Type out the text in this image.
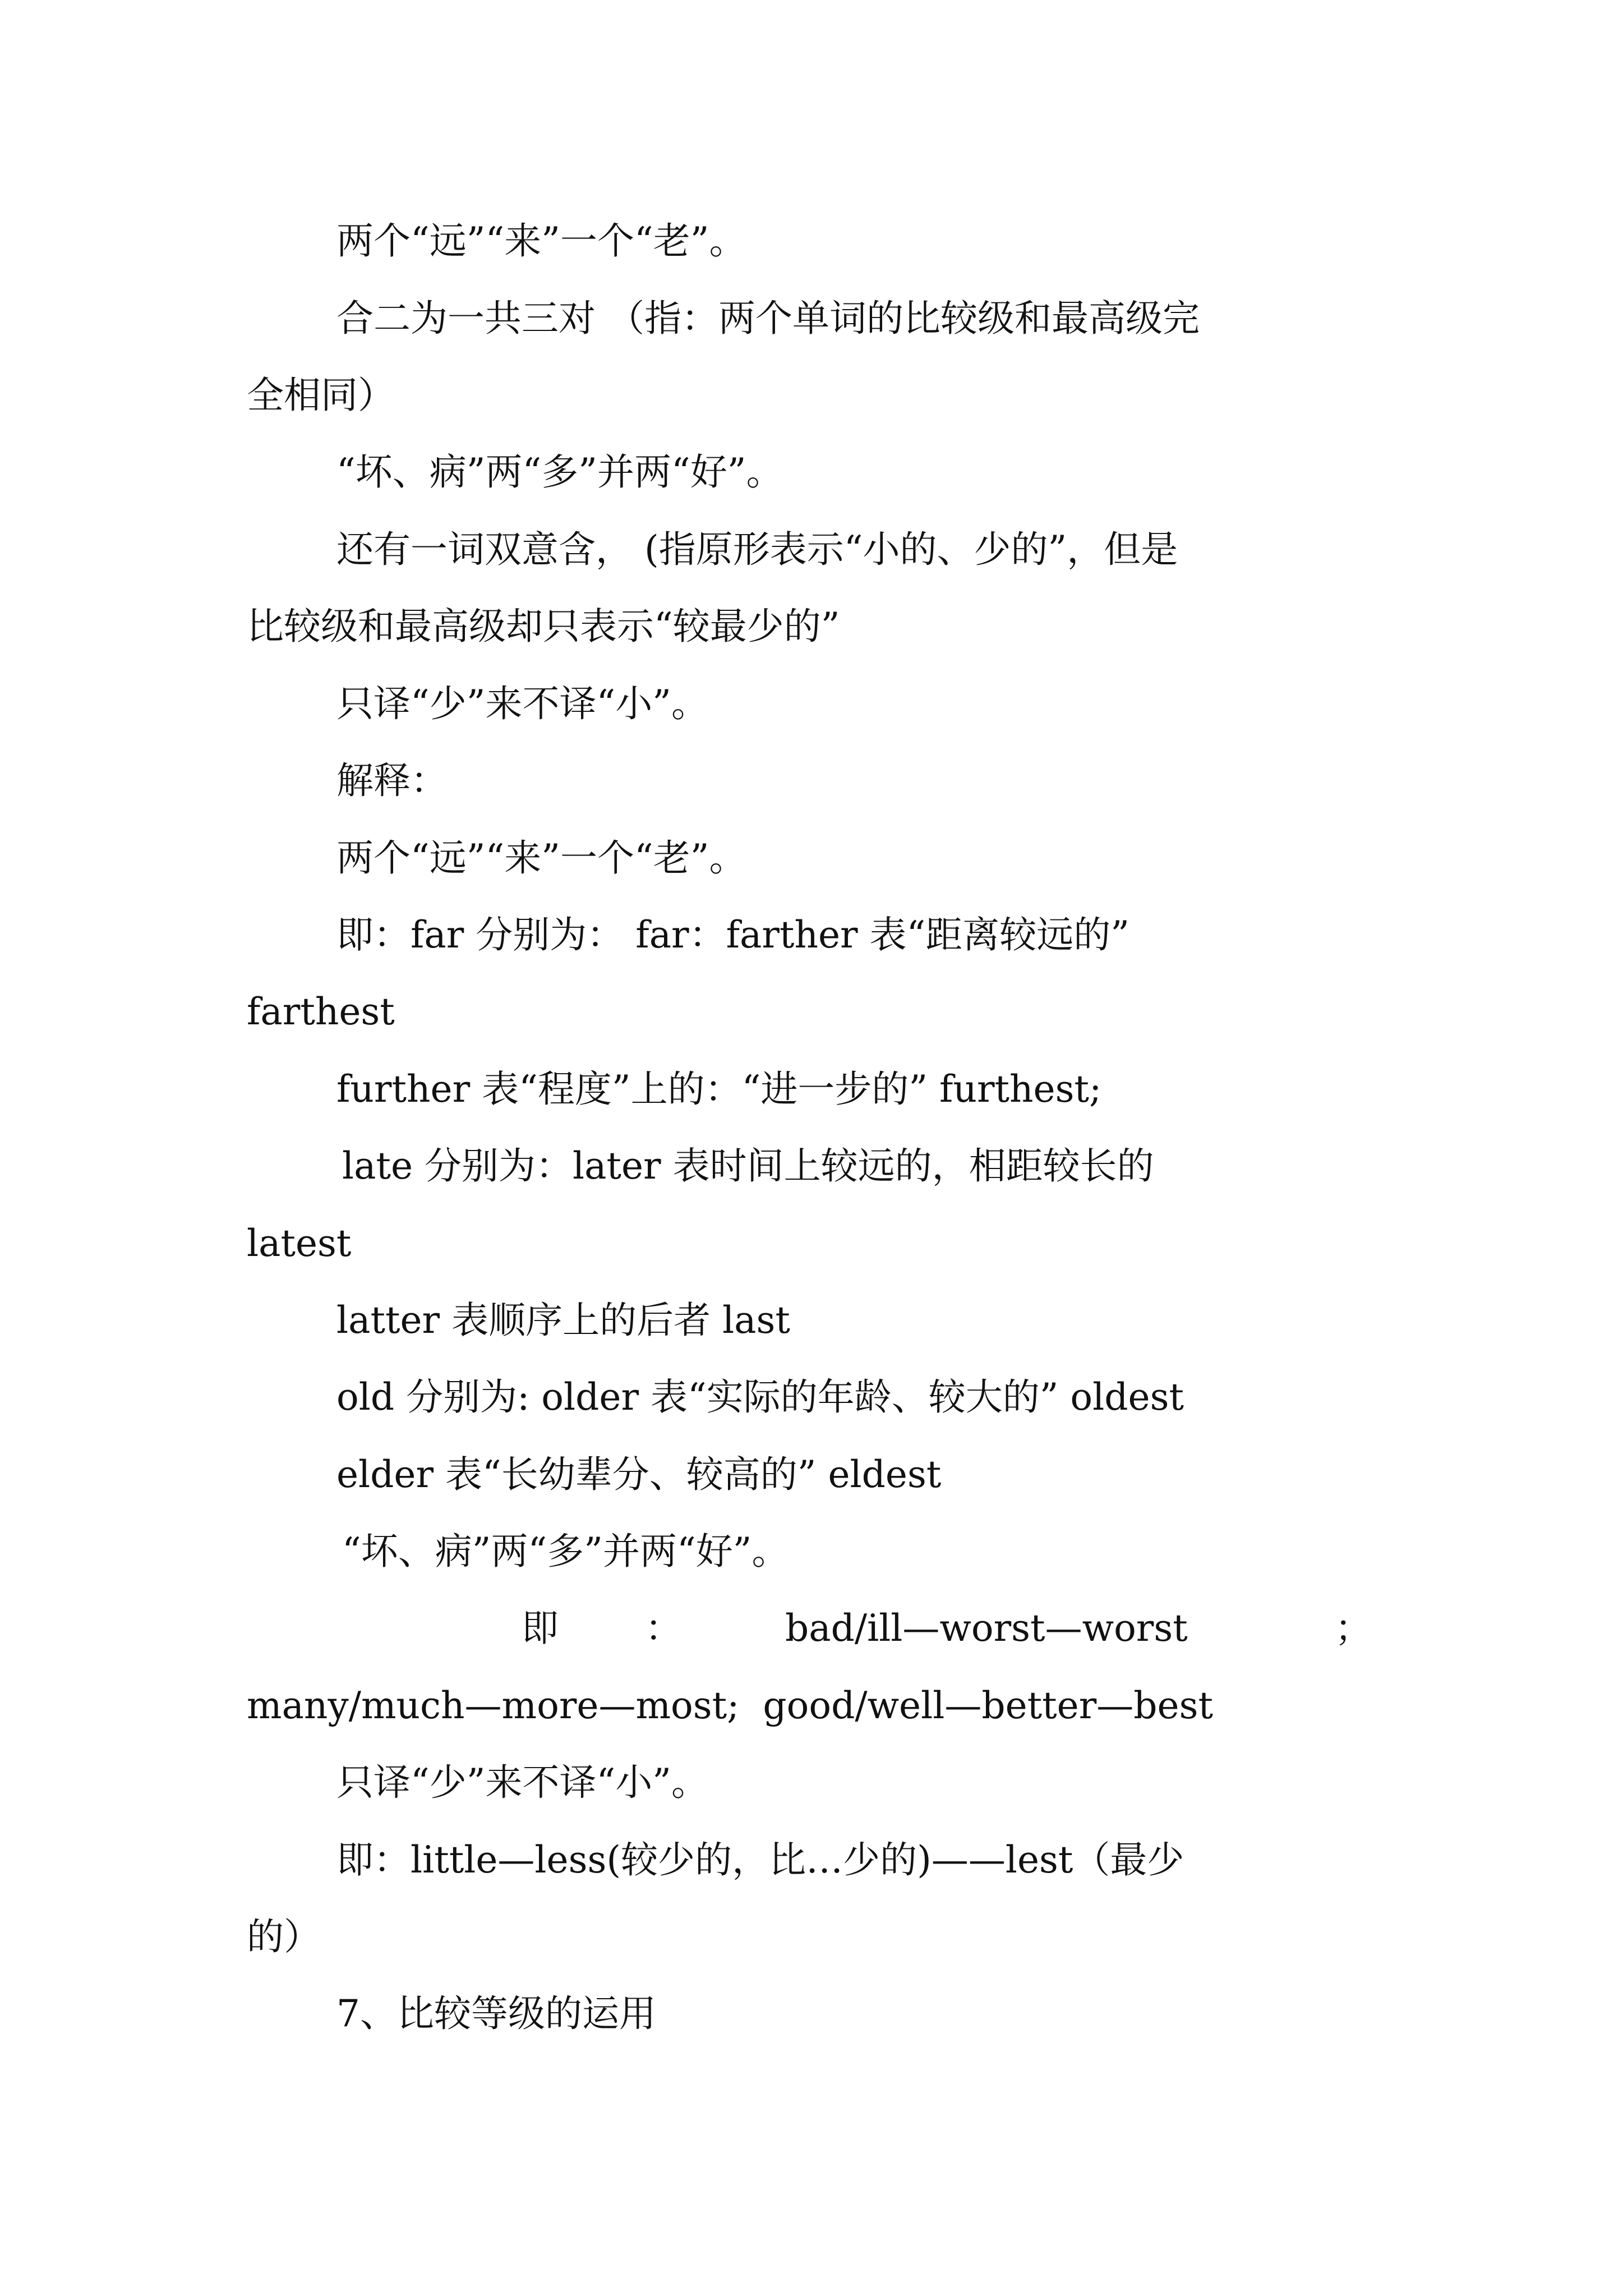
两个“远”“来”一个“老”。
合二为一共三对 （指：两个单词的比较级和最高级完
全相同）
“坏、病”两“多”并两“好”。
还有一词双意含， (指原形表示“小的、少的”，但是
比较级和最高级却只表示“较最少的”
只译“少”来不译“小”。
解释：
两个“远”“来”一个“老”。
即：far 分别为： far：farther 表“距离较远的”
farthest
further 表“程度”上的：“进一步的” furthest;
late 分别为：later 表时间上较远的，相距较长的
latest
latter 表顺序上的后者 last
old 分别为: older 表“实际的年龄、较大的” oldest
elder 表“长幼辈分、较高的” eldest
“坏、病”两“多”并两“好”。
即 ：	bad/ill—worst—worst	；
many/much—more—most;  good/well—better—best
只译“少”来不译“小”。
即：little—less(较少的，比…少的)——lest（最少
的）
7、比较等级的运用
